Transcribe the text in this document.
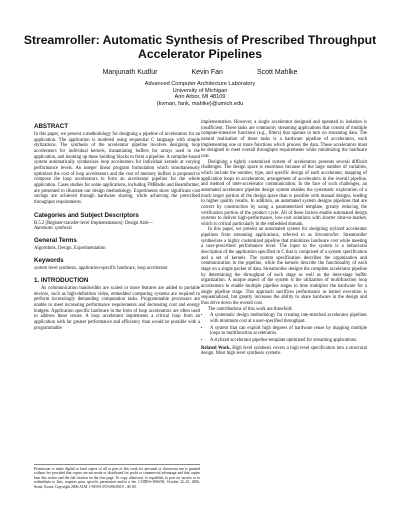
Streamroller: Automatic Synthesis of Prescribed Throughput Accelerator Pipelines
Manjunath Kudlur	Kevin Fan	Scott Mahlke
Advanced Computer Architecture Laboratory
University of Michigan
Ann Arbor, MI 48109
{kvman, fank, mahlke}@umich.edu
ABSTRACT

In this paper, we present a methodology for designing a pipeline of accelerators for an application. The application is modeled using sequential C language with simple stylizations. The synthesis of the accelerator pipeline involves designing loop accelerators for individual kernels, instantiating buffers for arrays used in the application, and hooking up these building blocks to form a pipeline. A compiler-based system automatically synthesizes loop accelerators for individual kernels at varying performance levels. An integer linear program formulation which simultaneously optimizes the cost of loop accelerators and the cost of memory buffers is proposed to compose the loop accelerators to form an accelerator pipeline for the whole application. Cases studies for some applications, including FMRadio and Beamformer, are presented to illustrate our design methodology. Experiments show significant cost savings are achieved through hardware sharing, while achieving the prescribed throughput requirements.

Categories and Subject Descriptors

B.5.2 [Register-transfer-level Implementation]: Design Aids—
Automatic synthesis

General Terms

Algorithms, Design, Experimentation

Keywords

system level synthesis, application-specific hardware, loop accelerator

1. INTRODUCTION

As communication bandwidths are scaled or more features are added to portable devices, such as high-definition video, embedded computing systems are required to perform increasingly demanding computation tasks. Programmable processors are unable to meet increasing performance requirements and decreasing cost and energy budgets. Application specific hardware in the form of loop accelerators are often used to address these issues. A loop accelerator implements a critical loop from an application with far greater performance and efficiency than would be possible with a programmable

Permission to make digital or hard copies of all or part of this work for personal or classroom use is granted without fee provided that copies are not made or distributed for profit or commercial advantage and that copies bear this notice and the full citation on the first page. To copy otherwise, to republish, to post on servers or to redistribute to lists, requires prior specific permission and/or a fee. CODES+ISSS'06, October 22–25, 2006, Seoul, Korea. Copyright 2006 ACM 1-59593-370-0/06/0010 ...$5.00.

implementation. However, a single accelerator designed and operated in isolation is insufficient. These tasks are commonly streaming applications that consist of multiple compute-intensive functions (e.g., filters) that operate in turn on streaming data. The natural realization of these tasks is a hardware pipeline of accelerators, each implementing one or more functions which process the data. These accelerators must be designed to meet overall throughput requirements while minimizing the hardware cost.

Designing a tightly customized system of accelerators presents several difficult challenges. The design space is enormous because of the large number of variables, which include the number, type, and specific design of each accelerator, mapping of application loops to accelerators, arrangement of accelerators in the overall pipeline, and method of inter-accelerator communication. In the face of such challenges, an automated accelerator pipeline design system enables the systematic exploration of a much larger portion of the design space than is possible with manual designs, leading to higher quality results. In addition, an automated system designs pipelines that are correct by construction by using a parameterized template, greatly reducing the verification portion of the product cycle. All of these factors enable automated design systems to deliver high-performance, low-cost solutions with shorter time-to-market, which is critical particularly in the embedded domain.

In this paper, we present an automated system for designing stylized accelerator pipelines from streaming applications, referred to as Streamroller. Streamroller synthesizes a highly customized pipeline that minimizes hardware cost while meeting a user-prescribed performance level. The input to the system is a behavioral description of the application specified in C that is comprised of a system specification and a set of kernels. The system specification describes the organization and communication in the pipeline, while the kernels describe the functionality of each stage on a single packet of data. Streamroller designs the complete accelerator pipeline by determining the throughput of each stage as well as the inter-stage buffer organization. A unique aspect of the system is the utilization of multifunction loop accelerators to enable multiple pipeline stages to time multiplex the hardware for a single pipeline stage. This approach sacrifices performance as kernel execution is sequentialized, but greatly increases the ability to share hardware in the design and thus drive down the overall cost.

The contributions of this work are threefold:

• A systematic design methodology for creating rate-matched accelerator pipelines with minimum cost at a user-specified throughput.
• A system that can exploit high degrees of hardware reuse by mapping multiple loops to multifunction accelerators.
• A stylized accelerator pipeline template optimized for streaming applications.

Related Work. High level synthesis covers a high level specification into a structural design. Most high level synthesis systems
